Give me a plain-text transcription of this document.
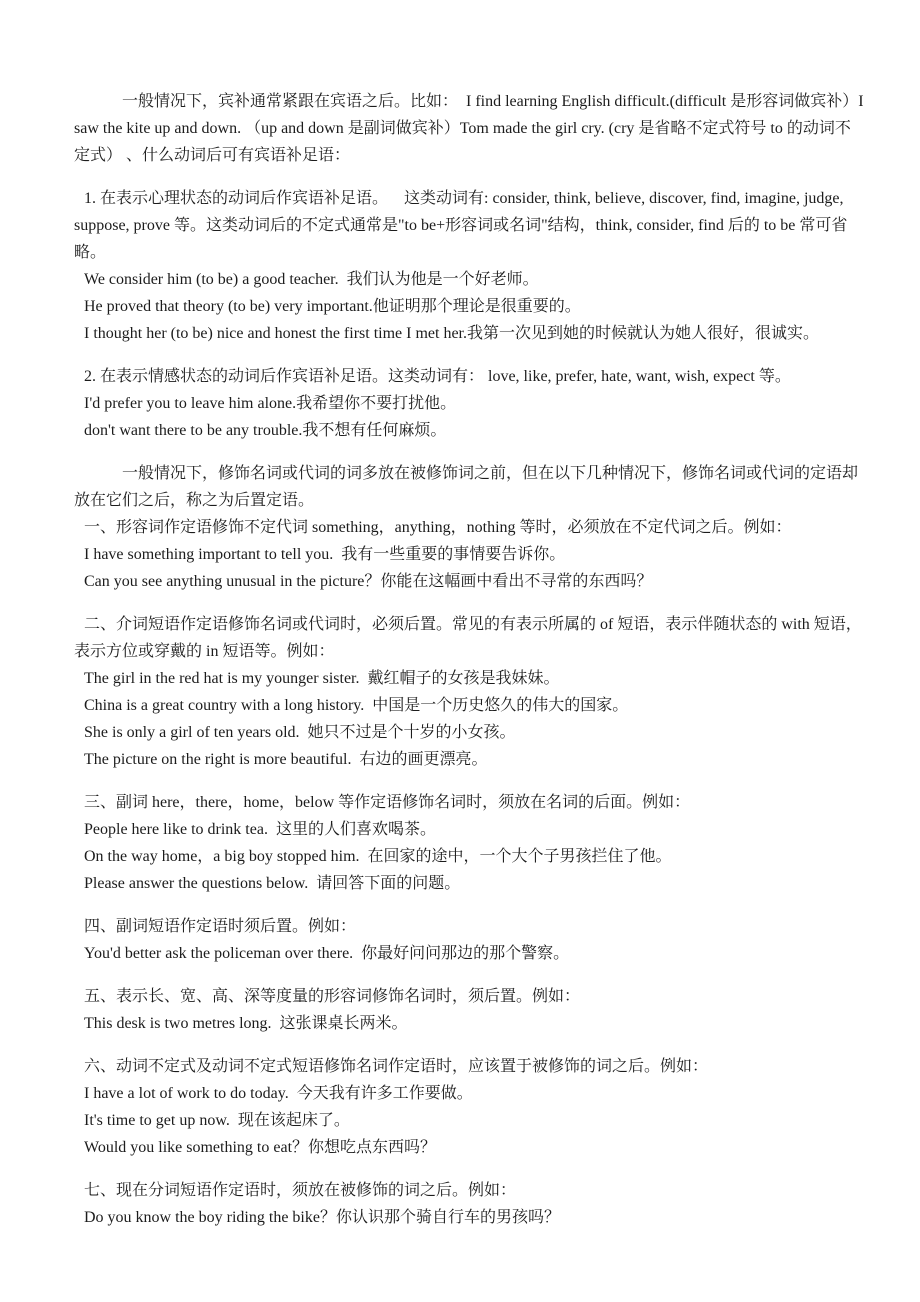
一般情况下，宾补通常紧跟在宾语之后。比如：  I find learning English difficult.(difficult 是形容词做宾补）I saw the kite up and down. （up and down 是副词做宾补）Tom made the girl cry. (cry 是省略不定式符号 to 的动词不定式） 、什么动词后可有宾语补足语：
1. 在表示心理状态的动词后作宾语补足语。    这类动词有: consider, think, believe, discover, find, imagine, judge, suppose, prove 等。这类动词后的不定式通常是"to be+形容词或名词"结构，think, consider, find 后的 to be 常可省略。
We consider him (to be) a good teacher.  我们认为他是一个好老师。
He proved that theory (to be) very important.他证明那个理论是很重要的。
I thought her (to be) nice and honest the first time I met her.我第一次见到她的时候就认为她人很好，很诚实。
2. 在表示情感状态的动词后作宾语补足语。这类动词有： love, like, prefer, hate, want, wish, expect 等。
I'd prefer you to leave him alone.我希望你不要打扰他。
don't want there to be any trouble.我不想有任何麻烦。
一般情况下，修饰名词或代词的词多放在被修饰词之前，但在以下几种情况下，修饰名词或代词的定语却放在它们之后，称之为后置定语。
一、形容词作定语修饰不定代词 something，anything，nothing 等时，必须放在不定代词之后。例如：
I have something important to tell you.  我有一些重要的事情要告诉你。
Can you see anything unusual in the picture？你能在这幅画中看出不寻常的东西吗？
二、介词短语作定语修饰名词或代词时，必须后置。常见的有表示所属的 of 短语，表示伴随状态的 with 短语，表示方位或穿戴的 in 短语等。例如：
The girl in the red hat is my younger sister.  戴红帽子的女孩是我妹妹。
China is a great country with a long history.  中国是一个历史悠久的伟大的国家。
She is only a girl of ten years old.  她只不过是个十岁的小女孩。
The picture on the right is more beautiful.  右边的画更漂亮。
三、副词 here，there，home，below 等作定语修饰名词时，须放在名词的后面。例如：
People here like to drink tea.  这里的人们喜欢喝茶。
On the way home，a big boy stopped him.  在回家的途中，一个大个子男孩拦住了他。
Please answer the questions below.  请回答下面的问题。
四、副词短语作定语时须后置。例如：
You'd better ask the policeman over there.  你最好问问那边的那个警察。
五、表示长、宽、高、深等度量的形容词修饰名词时，须后置。例如：
This desk is two metres long.  这张课桌长两米。
六、动词不定式及动词不定式短语修饰名词作定语时，应该置于被修饰的词之后。例如：
I have a lot of work to do today.  今天我有许多工作要做。
It's time to get up now.  现在该起床了。
Would you like something to eat？你想吃点东西吗？
七、现在分词短语作定语时，须放在被修饰的词之后。例如：
Do you know the boy riding the bike？你认识那个骑自行车的男孩吗？
